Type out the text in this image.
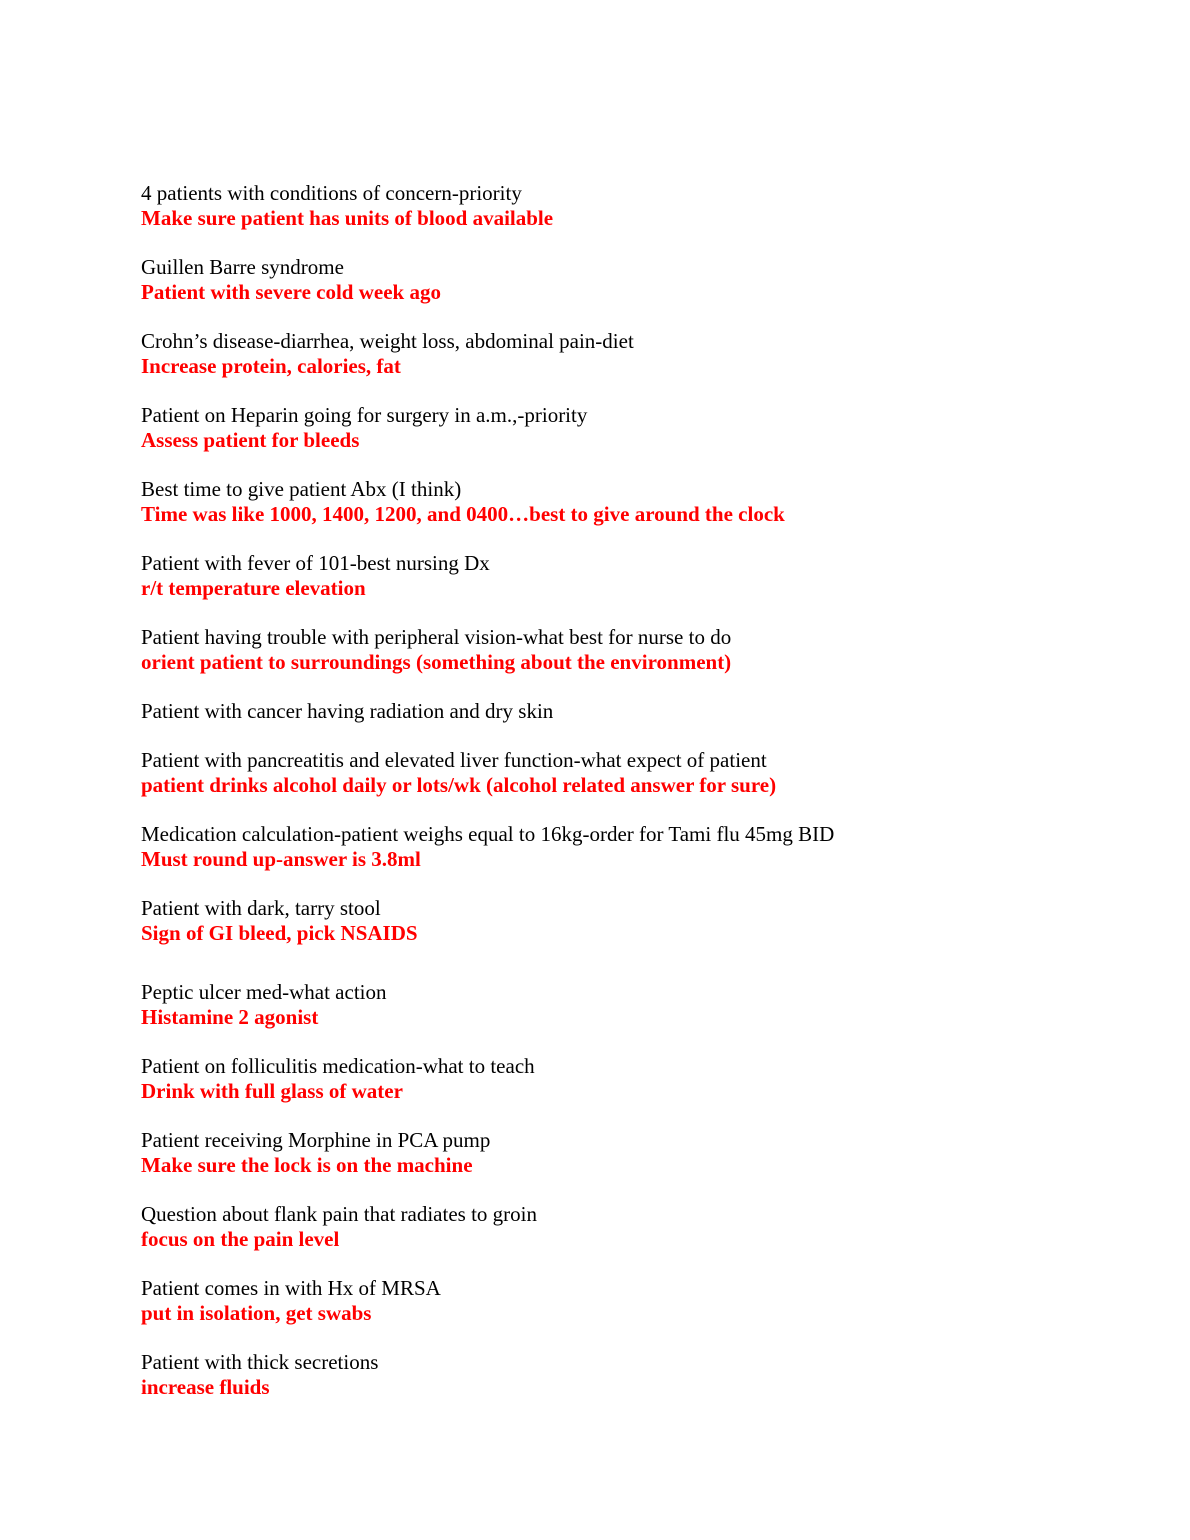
4 patients with conditions of concern-priority
Make sure patient has units of blood available
Guillen Barre syndrome
Patient with severe cold week ago
Crohn’s disease-diarrhea, weight loss, abdominal pain-diet
Increase protein, calories, fat
Patient on Heparin going for surgery in a.m.,-priority
Assess patient for bleeds
Best time to give patient Abx (I think)
Time was like 1000, 1400, 1200, and 0400…best to give around the clock
Patient with fever of 101-best nursing Dx
r/t temperature elevation
Patient having trouble with peripheral vision-what best for nurse to do
orient patient to surroundings (something about the environment)
Patient with cancer having radiation and dry skin
Patient with pancreatitis and elevated liver function-what expect of patient
patient drinks alcohol daily or lots/wk (alcohol related answer for sure)
Medication calculation-patient weighs equal to 16kg-order for Tami flu 45mg BID
Must round up-answer is 3.8ml
Patient with dark, tarry stool
Sign of GI bleed, pick NSAIDS
Peptic ulcer med-what action
Histamine 2 agonist
Patient on folliculitis medication-what to teach
Drink with full glass of water
Patient receiving Morphine in PCA pump
Make sure the lock is on the machine
Question about flank pain that radiates to groin
focus on the pain level
Patient comes in with Hx of MRSA
put in isolation, get swabs
Patient with thick secretions
increase fluids
